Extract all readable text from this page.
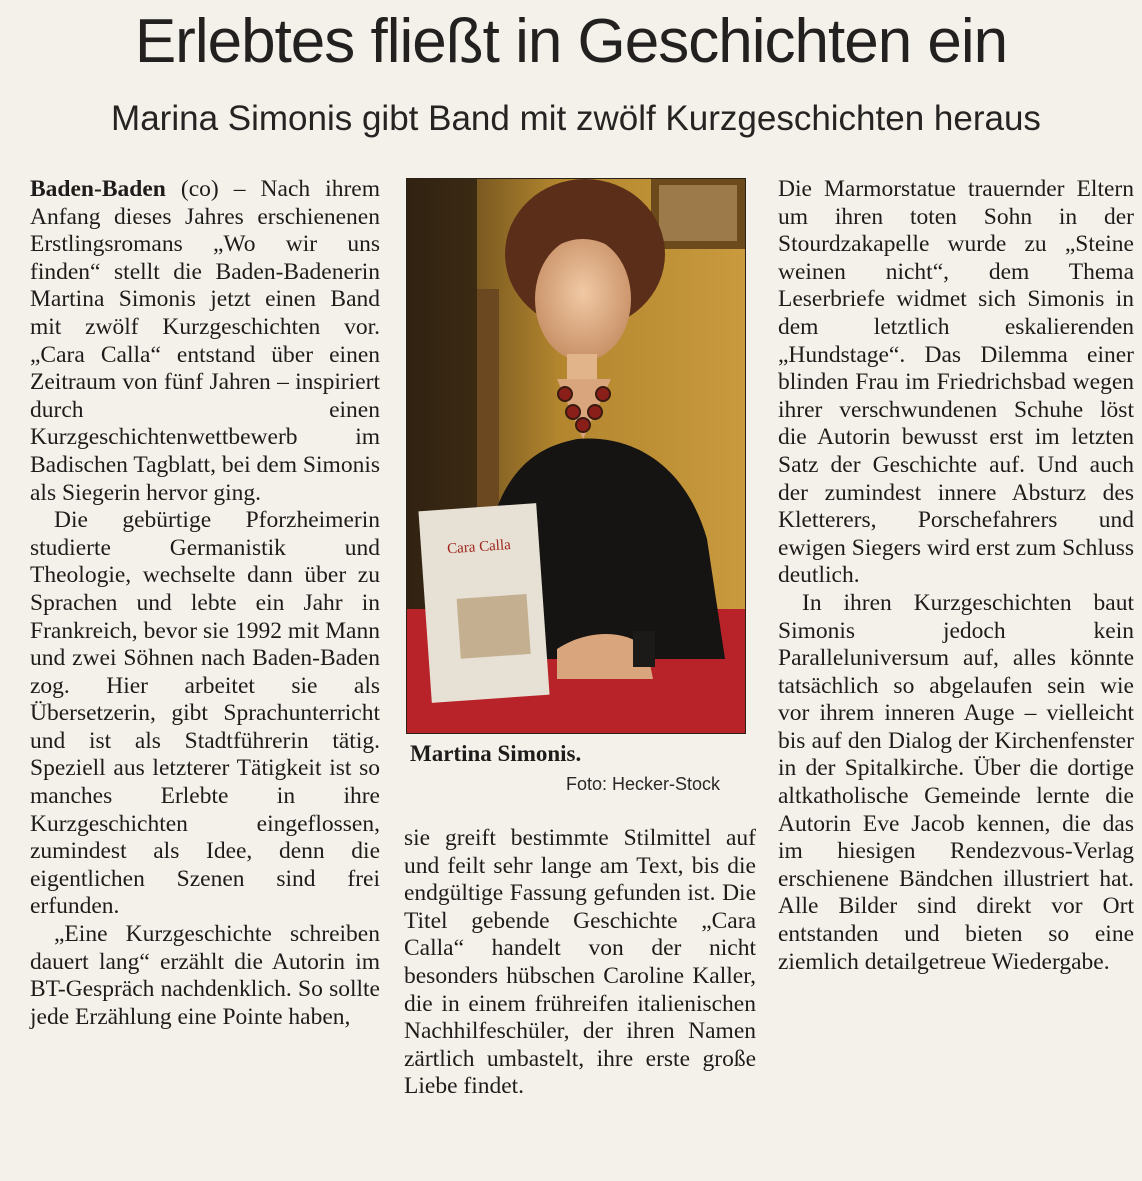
Erlebtes fließt in Geschichten ein
Marina Simonis gibt Band mit zwölf Kurzgeschichten heraus

Baden-Baden (co) – Nach ihrem Anfang dieses Jahres erschienenen Erstlingsromans „Wo wir uns finden“ stellt die Baden-Badenerin Martina Simonis jetzt einen Band mit zwölf Kurzgeschichten vor. „Cara Calla“ entstand über einen Zeitraum von fünf Jahren – inspiriert durch einen Kurzgeschichtenwettbewerb im Badischen Tagblatt, bei dem Simonis als Siegerin hervor ging.

Die gebürtige Pforzheimerin studierte Germanistik und Theologie, wechselte dann über zu Sprachen und lebte ein Jahr in Frankreich, bevor sie 1992 mit Mann und zwei Söhnen nach Baden-Baden zog. Hier arbeitet sie als Übersetzerin, gibt Sprachunterricht und ist als Stadtführerin tätig. Speziell aus letzterer Tätigkeit ist so manches Erlebte in ihre Kurzgeschichten eingeflossen, zumindest als Idee, denn die eigentlichen Szenen sind frei erfunden.

„Eine Kurzgeschichte schreiben dauert lang“ erzählt die Autorin im BT-Gespräch nachdenklich. So sollte jede Erzählung eine Pointe haben,

Cara Calla

Martina Simonis.

Foto: Hecker-Stock

sie greift bestimmte Stilmittel auf und feilt sehr lange am Text, bis die endgültige Fassung gefunden ist. Die Titel gebende Geschichte „Cara Calla“ handelt von der nicht besonders hübschen Caroline Kaller, die in einem frühreifen italienischen Nachhilfeschüler, der ihren Namen zärtlich umbastelt, ihre erste große Liebe findet.

Die Marmorstatue trauernder Eltern um ihren toten Sohn in der Stourdzakapelle wurde zu „Steine weinen nicht“, dem Thema Leserbriefe widmet sich Simonis in dem letztlich eskalierenden „Hundstage“. Das Dilemma einer blinden Frau im Friedrichsbad wegen ihrer verschwundenen Schuhe löst die Autorin bewusst erst im letzten Satz der Geschichte auf. Und auch der zumindest innere Absturz des Kletterers, Porschefahrers und ewigen Siegers wird erst zum Schluss deutlich.

In ihren Kurzgeschichten baut Simonis jedoch kein Paralleluniversum auf, alles könnte tatsächlich so abgelaufen sein wie vor ihrem inneren Auge – vielleicht bis auf den Dialog der Kirchenfenster in der Spitalkirche. Über die dortige altkatholische Gemeinde lernte die Autorin Eve Jacob kennen, die das im hiesigen Rendezvous-Verlag erschienene Bändchen illustriert hat. Alle Bilder sind direkt vor Ort entstanden und bieten so eine ziemlich detailgetreue Wiedergabe.
